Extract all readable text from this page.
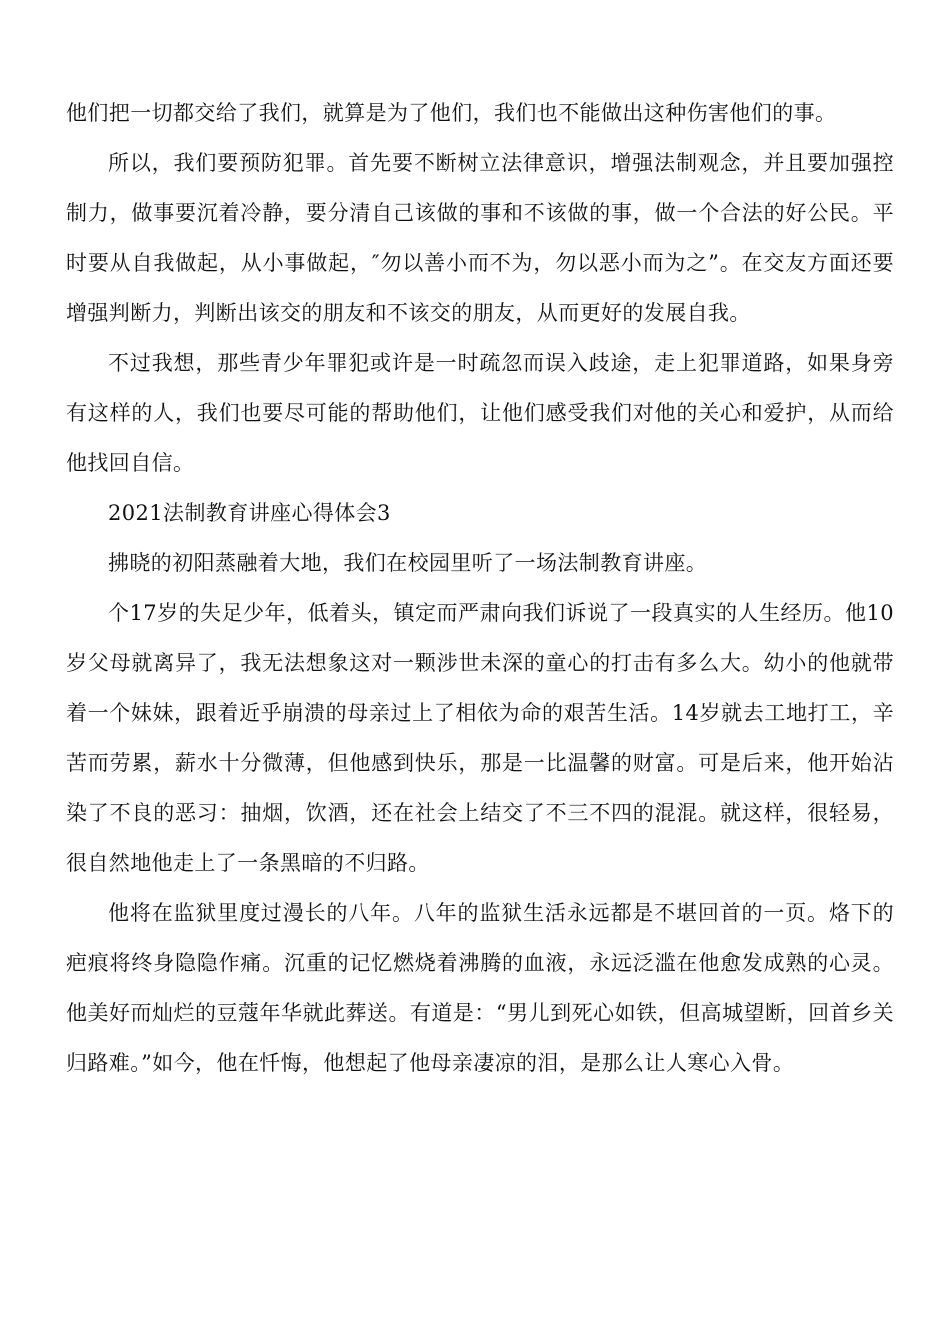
他们把一切都交给了我们，就算是为了他们，我们也不能做出这种伤害他们的事。

所以，我们要预防犯罪。首先要不断树立法律意识，增强法制观念，并且要加强控制力，做事要沉着冷静，要分清自己该做的事和不该做的事，做一个合法的好公民。平时要从自我做起，从小事做起，″勿以善小而不为，勿以恶小而为之”。在交友方面还要增强判断力，判断出该交的朋友和不该交的朋友，从而更好的发展自我。

不过我想，那些青少年罪犯或许是一时疏忽而误入歧途，走上犯罪道路，如果身旁有这样的人，我们也要尽可能的帮助他们，让他们感受我们对他的关心和爱护，从而给他找回自信。

2021法制教育讲座心得体会3

拂晓的初阳蒸融着大地，我们在校园里听了一场法制教育讲座。

个17岁的失足少年，低着头，镇定而严肃向我们诉说了一段真实的人生经历。他10岁父母就离异了，我无法想象这对一颗涉世未深的童心的打击有多么大。幼小的他就带着一个妹妹，跟着近乎崩溃的母亲过上了相依为命的艰苦生活。14岁就去工地打工，辛苦而劳累，薪水十分微薄，但他感到快乐，那是一比温馨的财富。可是后来，他开始沾染了不良的恶习：抽烟，饮酒，还在社会上结交了不三不四的混混。就这样，很轻易，很自然地他走上了一条黑暗的不归路。

他将在监狱里度过漫长的八年。八年的监狱生活永远都是不堪回首的一页。烙下的疤痕将终身隐隐作痛。沉重的记忆燃烧着沸腾的血液，永远泛滥在他愈发成熟的心灵。他美好而灿烂的豆蔻年华就此葬送。有道是：“男儿到死心如铁，但高城望断，回首乡关归路难。”如今，他在忏悔，他想起了他母亲凄凉的泪，是那么让人寒心入骨。
